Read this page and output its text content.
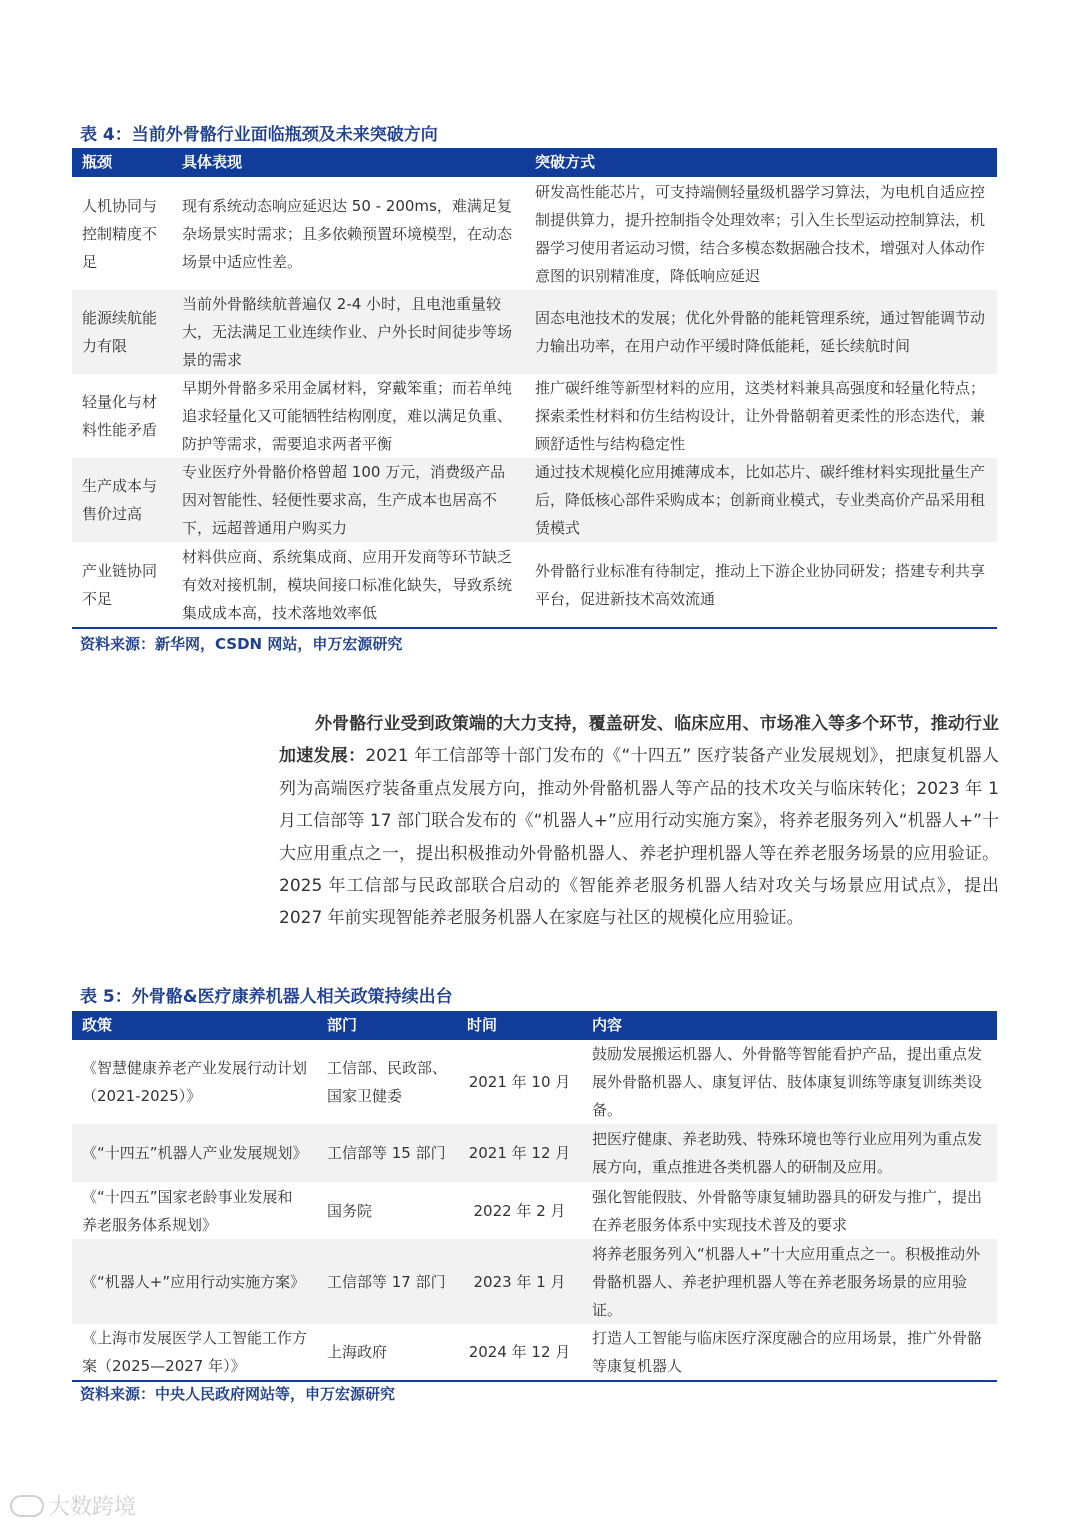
表 4：当前外骨骼行业面临瓶颈及未来突破方向
瓶颈	具体表现	突破方式
人机协同与控制精度不足	现有系统动态响应延迟达 50 - 200ms，难满足复杂场景实时需求；且多依赖预置环境模型，在动态场景中适应性差。	研发高性能芯片，可支持端侧轻量级机器学习算法，为电机自适应控制提供算力，提升控制指令处理效率；引入生长型运动控制算法，机器学习使用者运动习惯，结合多模态数据融合技术，增强对人体动作意图的识别精准度，降低响应延迟
能源续航能力有限	当前外骨骼续航普遍仅 2-4 小时，且电池重量较大，无法满足工业连续作业、户外长时间徒步等场景的需求	固态电池技术的发展；优化外骨骼的能耗管理系统，通过智能调节动力输出功率，在用户动作平缓时降低能耗，延长续航时间
轻量化与材料性能矛盾	早期外骨骼多采用金属材料，穿戴笨重；而若单纯追求轻量化又可能牺牲结构刚度，难以满足负重、防护等需求，需要追求两者平衡	推广碳纤维等新型材料的应用，这类材料兼具高强度和轻量化特点；探索柔性材料和仿生结构设计，让外骨骼朝着更柔性的形态迭代，兼顾舒适性与结构稳定性
生产成本与售价过高	专业医疗外骨骼价格曾超 100 万元，消费级产品因对智能性、轻便性要求高，生产成本也居高不下，远超普通用户购买力	通过技术规模化应用摊薄成本，比如芯片、碳纤维材料实现批量生产后，降低核心部件采购成本；创新商业模式，专业类高价产品采用租赁模式
产业链协同不足	材料供应商、系统集成商、应用开发商等环节缺乏有效对接机制，模块间接口标准化缺失，导致系统集成成本高，技术落地效率低	外骨骼行业标准有待制定，推动上下游企业协同研发；搭建专利共享平台，促进新技术高效流通
资料来源：新华网，CSDN 网站，申万宏源研究

外骨骼行业受到政策端的大力支持，覆盖研发、临床应用、市场准入等多个环节，推动行业加速发展：2021 年工信部等十部门发布的《“十四五” 医疗装备产业发展规划》，把康复机器人列为高端医疗装备重点发展方向，推动外骨骼机器人等产品的技术攻关与临床转化；2023 年 1 月工信部等 17 部门联合发布的《“机器人+”应用行动实施方案》，将养老服务列入“机器人+”十大应用重点之一，提出积极推动外骨骼机器人、养老护理机器人等在养老服务场景的应用验证。2025 年工信部与民政部联合启动的《智能养老服务机器人结对攻关与场景应用试点》，提出 2027 年前实现智能养老服务机器人在家庭与社区的规模化应用验证。

表 5：外骨骼&医疗康养机器人相关政策持续出台
政策	部门	时间	内容
《智慧健康养老产业发展行动计划（2021-2025）》	工信部、民政部、国家卫健委	2021 年 10 月	鼓励发展搬运机器人、外骨骼等智能看护产品，提出重点发展外骨骼机器人、康复评估、肢体康复训练等康复训练类设备。
《“十四五”机器人产业发展规划》	工信部等 15 部门	2021 年 12 月	把医疗健康、养老助残、特殊环境也等行业应用列为重点发展方向，重点推进各类机器人的研制及应用。
《“十四五”国家老龄事业发展和养老服务体系规划》	国务院	2022 年 2 月	强化智能假肢、外骨骼等康复辅助器具的研发与推广，提出在养老服务体系中实现技术普及的要求
《“机器人+”应用行动实施方案》	工信部等 17 部门	2023 年 1 月	将养老服务列入“机器人+”十大应用重点之一。积极推动外骨骼机器人、养老护理机器人等在养老服务场景的应用验证。
《上海市发展医学人工智能工作方案（2025—2027 年）》	上海政府	2024 年 12 月	打造人工智能与临床医疗深度融合的应用场景，推广外骨骼等康复机器人
资料来源：中央人民政府网站等，申万宏源研究
大数跨境
